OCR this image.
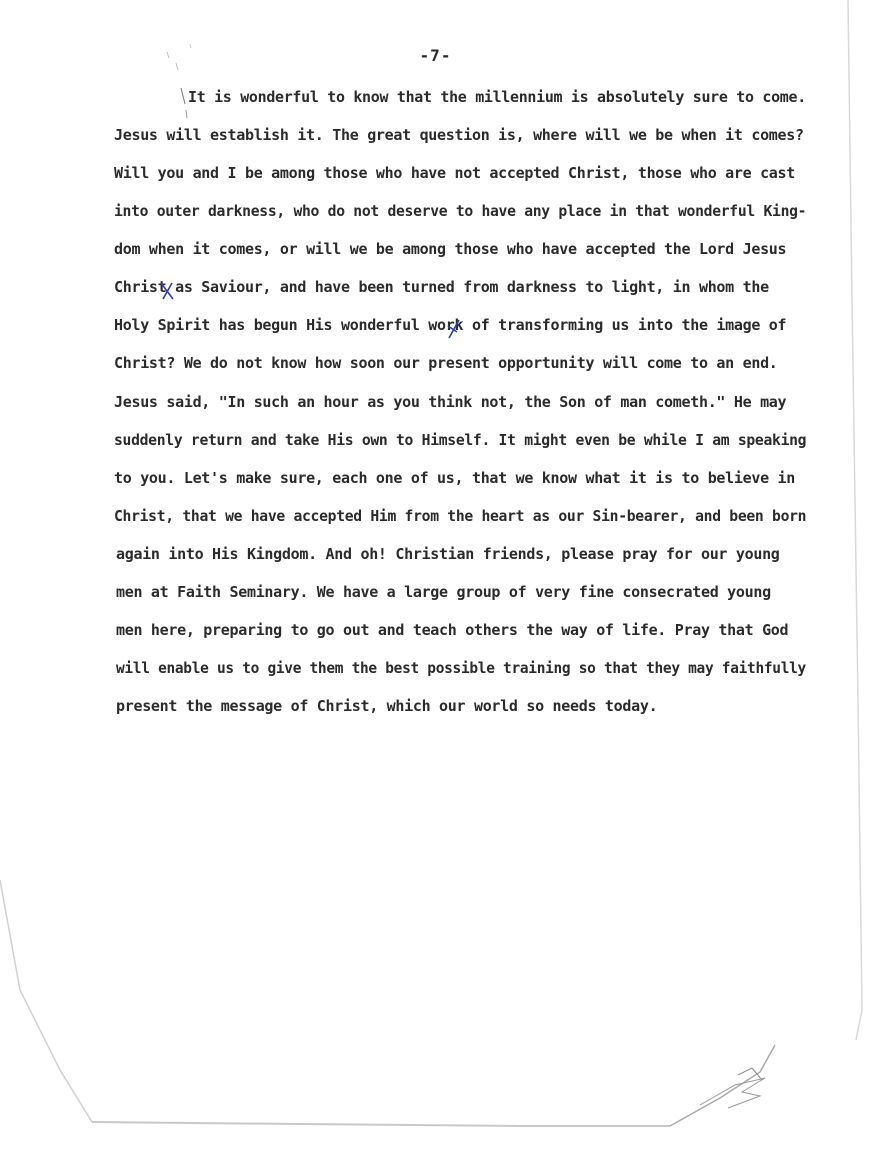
-7-
It is wonderful to know that the millennium is absolutely sure to come.
Jesus will establish it. The great question is, where will we be when it comes?
Will you and I be among those who have not accepted Christ, those who are cast
into outer darkness, who do not deserve to have any place in that wonderful King-
dom when it comes, or will we be among those who have accepted the Lord Jesus
Christ as Saviour, and have been turned from darkness to light, in whom the
Holy Spirit has begun His wonderful work of transforming us into the image of
Christ? We do not know how soon our present opportunity will come to an end.
Jesus said, "In such an hour as you think not, the Son of man cometh." He may
suddenly return and take His own to Himself. It might even be while I am speaking
to you. Let's make sure, each one of us, that we know what it is to believe in
Christ, that we have accepted Him from the heart as our Sin-bearer, and been born
again into His Kingdom. And oh! Christian friends, please pray for our young
men at Faith Seminary. We have a large group of very fine consecrated young
men here, preparing to go out and teach others the way of life. Pray that God
will enable us to give them the best possible training so that they may faithfully
present the message of Christ, which our world so needs today.
